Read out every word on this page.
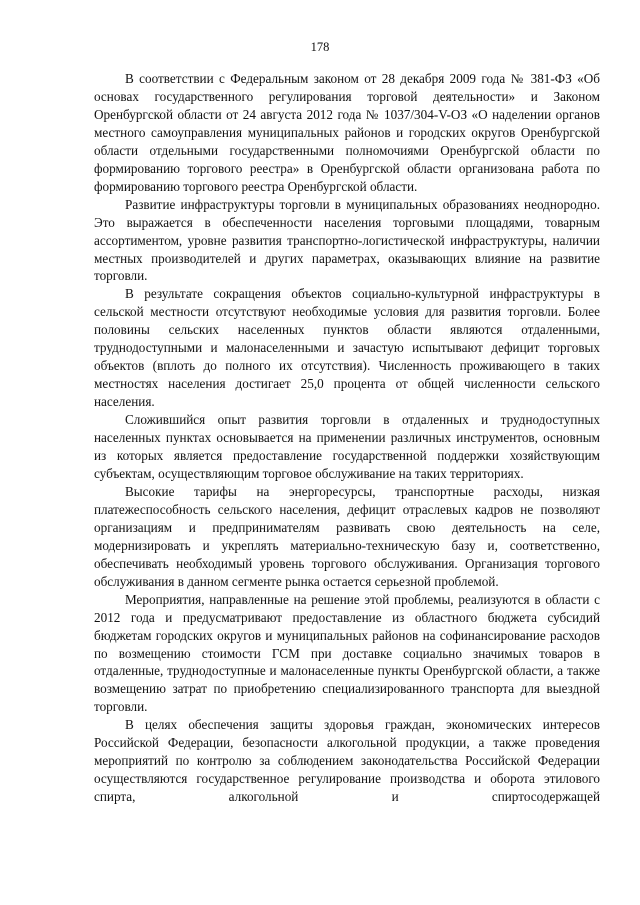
178

В соответствии с Федеральным законом от 28 декабря 2009 года № 381-ФЗ «Об основах государственного регулирования торговой деятельности» и Законом Оренбургской области от 24 августа 2012 года № 1037/304-V-ОЗ «О наделении органов местного самоуправления муниципальных районов и городских округов Оренбургской области отдельными государственными полномочиями Оренбургской области по формированию торгового реестра» в Оренбургской области организована работа по формированию торгового реестра Оренбургской области.

Развитие инфраструктуры торговли в муниципальных образованиях неоднородно. Это выражается в обеспеченности населения торговыми площадями, товарным ассортиментом, уровне развития транспортно-логистической инфраструктуры, наличии местных производителей и других параметрах, оказывающих влияние на развитие торговли.

В результате сокращения объектов социально-культурной инфраструктуры в сельской местности отсутствуют необходимые условия для развития торговли. Более половины сельских населенных пунктов области являются отдаленными, труднодоступными и малонаселенными и зачастую испытывают дефицит торговых объектов (вплоть до полного их отсутствия). Численность проживающего в таких местностях населения достигает 25,0 процента от общей численности сельского населения.

Сложившийся опыт развития торговли в отдаленных и труднодоступных населенных пунктах основывается на применении различных инструментов, основным из которых является предоставление государственной поддержки хозяйствующим субъектам, осуществляющим торговое обслуживание на таких территориях.

Высокие тарифы на энергоресурсы, транспортные расходы, низкая платежеспособность сельского населения, дефицит отраслевых кадров не позволяют организациям и предпринимателям развивать свою деятельность на селе, модернизировать и укреплять материально-техническую базу и, соответственно, обеспечивать необходимый уровень торгового обслуживания. Организация торгового обслуживания в данном сегменте рынка остается серьезной проблемой.

Мероприятия, направленные на решение этой проблемы, реализуются в области с 2012 года и предусматривают предоставление из областного бюджета субсидий бюджетам городских округов и муниципальных районов на софинансирование расходов по возмещению стоимости ГСМ при доставке социально значимых товаров в отдаленные, труднодоступные и малонаселенные пункты Оренбургской области, а также возмещению затрат по приобретению специализированного транспорта для выездной торговли.

В целях обеспечения защиты здоровья граждан, экономических интересов Российской Федерации, безопасности алкогольной продукции, а также проведения мероприятий по контролю за соблюдением законодательства Российской Федерации осуществляются государственное регулирование производства и оборота этилового спирта, алкогольной и спиртосодержащей
